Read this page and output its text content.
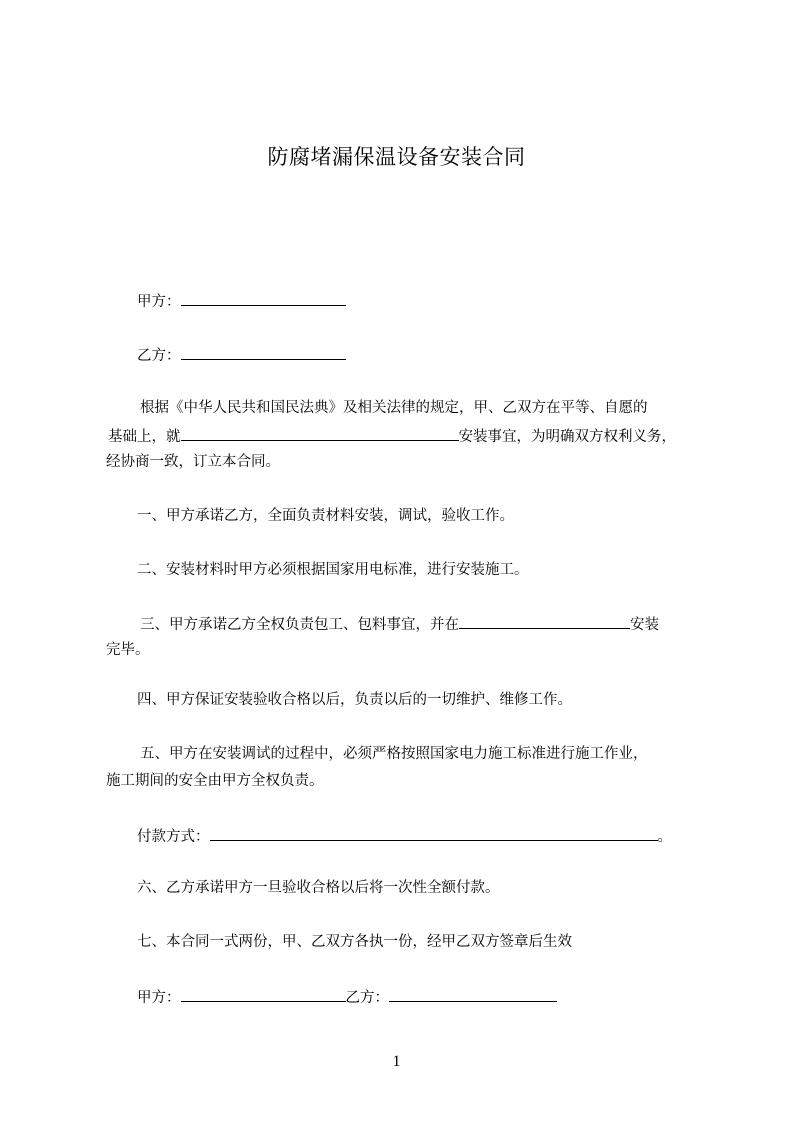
防腐堵漏保温设备安装合同
甲方：
乙方：
根据《中华人民共和国民法典》及相关法律的规定，甲、乙双方在平等、自愿的
基础上，就	安装事宜，为明确双方权利义务，
经协商一致，订立本合同。
一、甲方承诺乙方，全面负责材料安装，调试，验收工作。
二、安装材料时甲方必须根据国家用电标准，进行安装施工。
三、甲方承诺乙方全权负责包工、包料事宜，并在	安装
完毕。
四、甲方保证安装验收合格以后，负责以后的一切维护、维修工作。
五、甲方在安装调试的过程中，必须严格按照国家电力施工标准进行施工作业，
施工期间的安全由甲方全权负责。
付款方式：	。
六、乙方承诺甲方一旦验收合格以后将一次性全额付款。
七、本合同一式两份，甲、乙双方各执一份，经甲乙双方签章后生效
甲方：	乙方：
1
